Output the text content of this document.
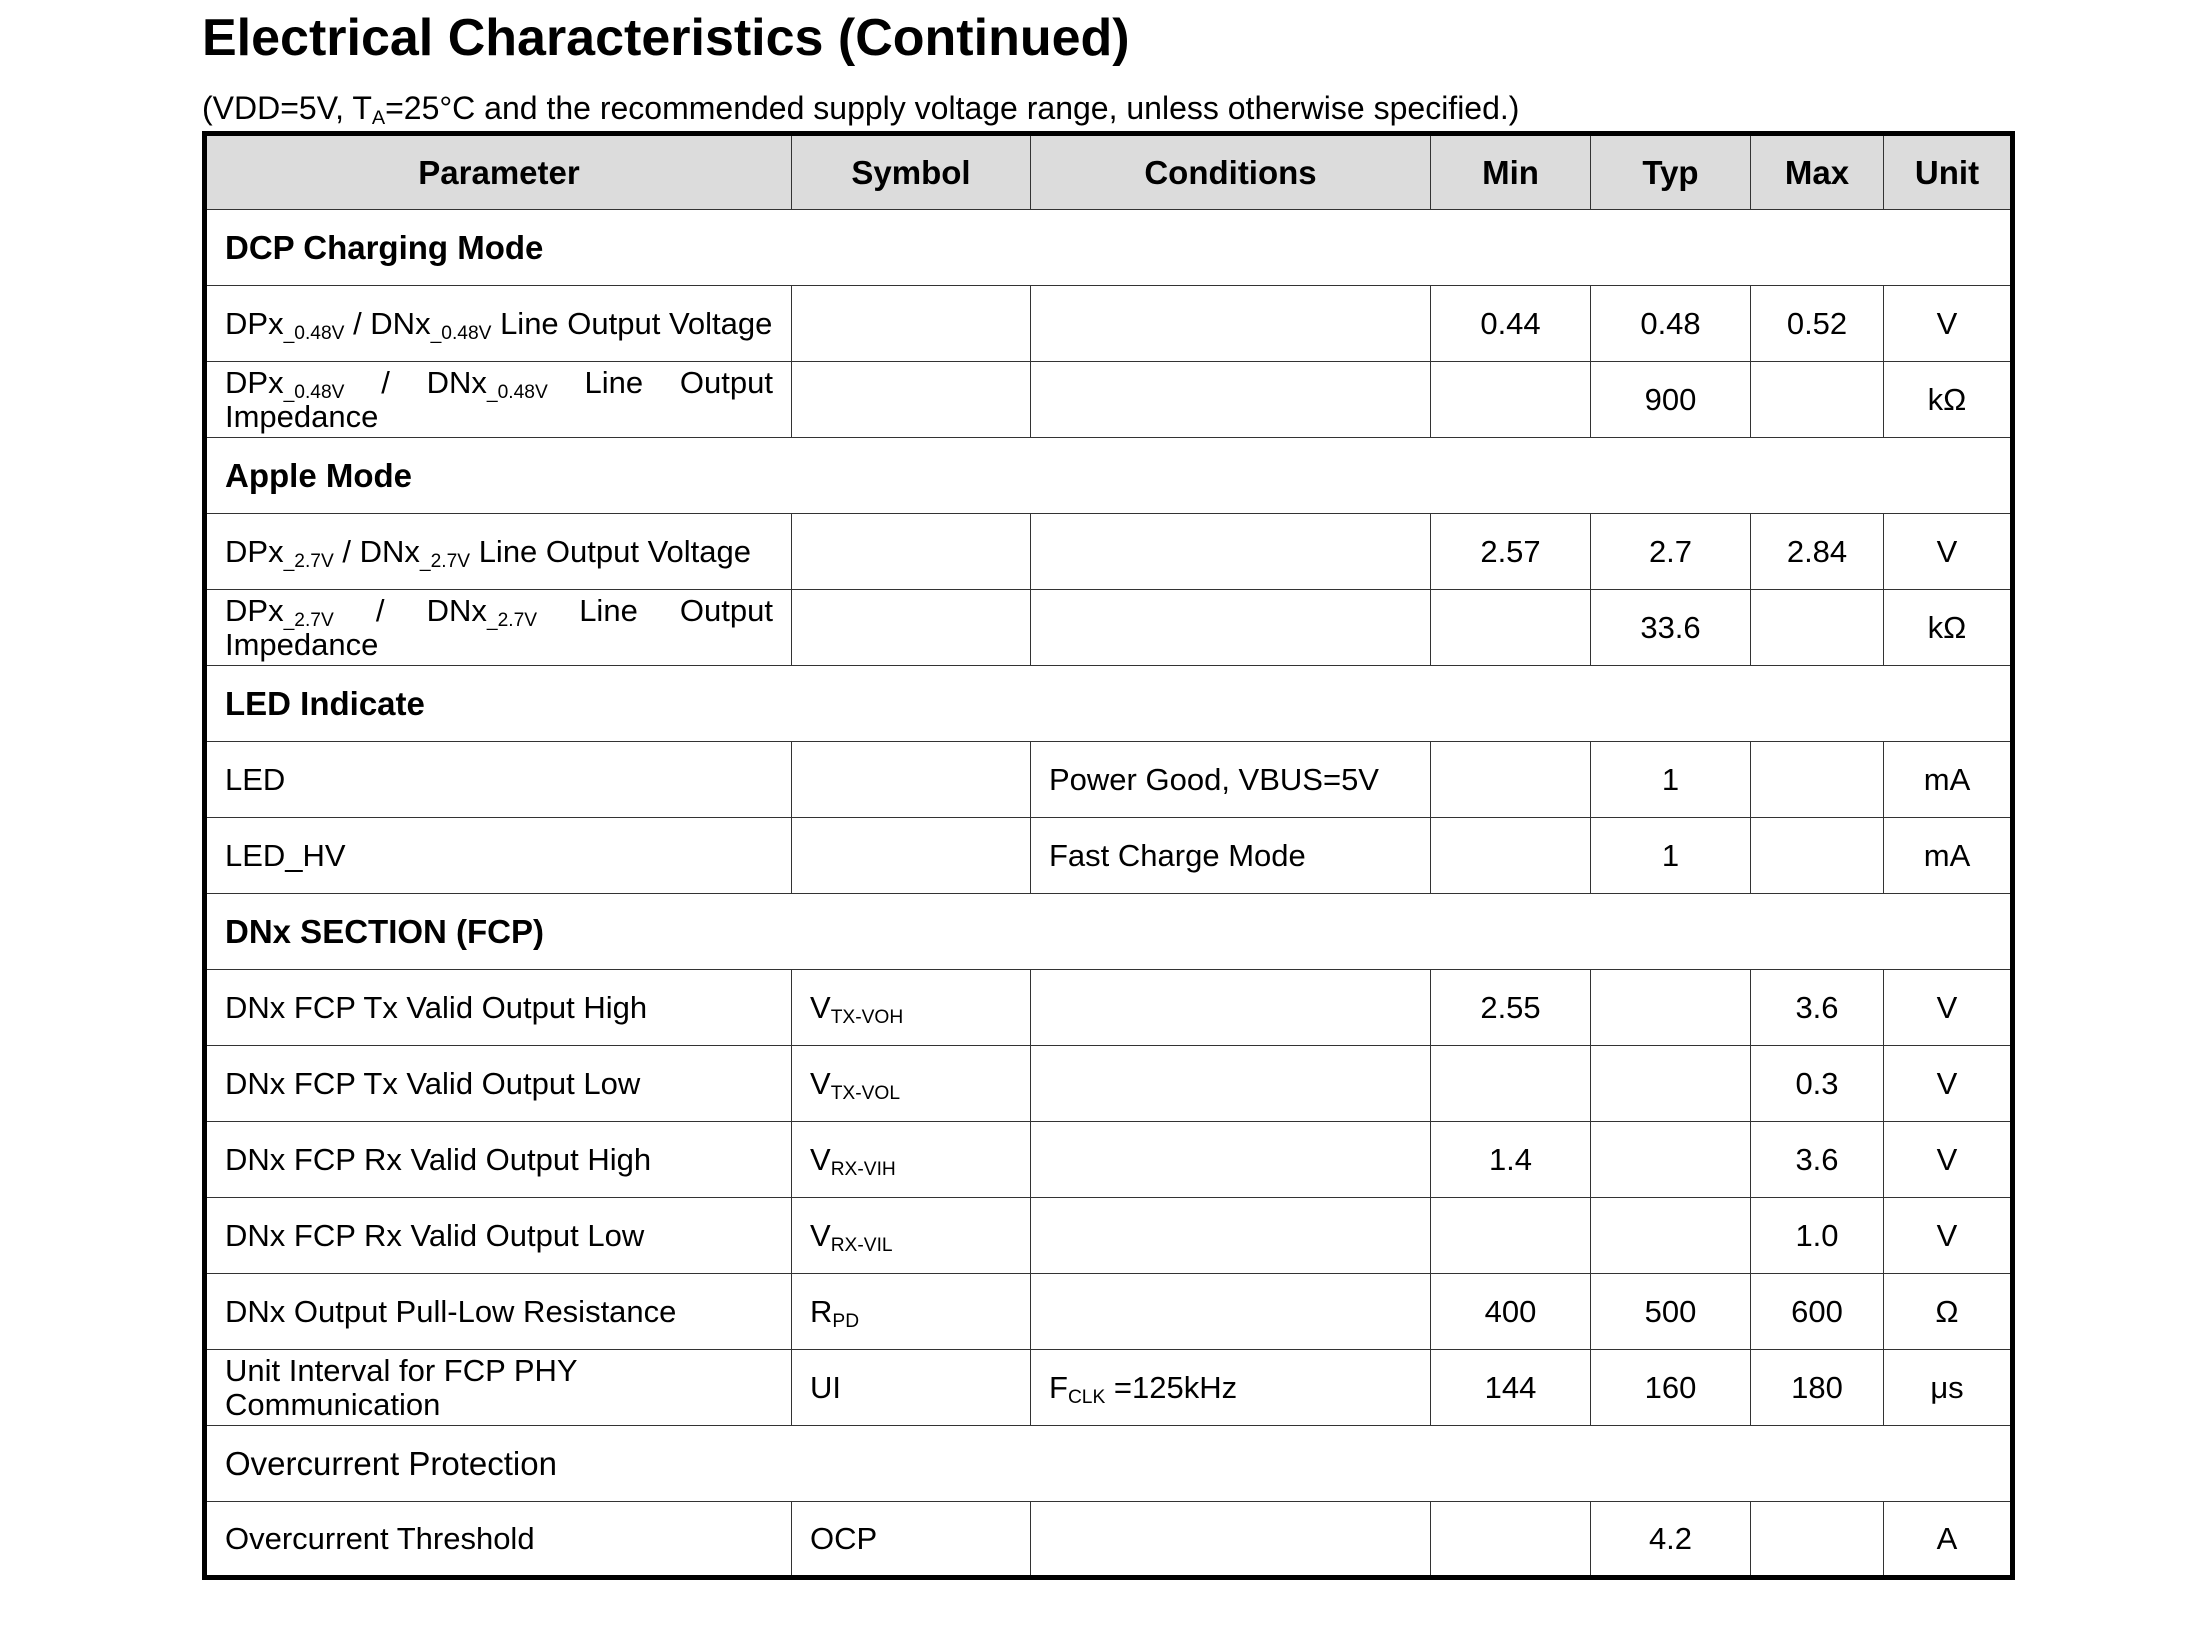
Electrical Characteristics (Continued)
(VDD=5V, $T_A=25^\circ C$ and the recommended supply voltage range, unless otherwise specified.)
Parameter	Symbol	Conditions	Min	Typ	Max	Unit
DCP Charging Mode						
DPx$_{\_0.48V}$ / DNx$_{\_0.48V}$ Line Output Voltage			0.44	0.48	0.52	V
DPx$_{\_0.48V}$ / DNx$_{\_0.48V}$ Line Output Impedance				900		kΩ
Apple Mode						
DPx$_{\_2.7V}$ / DNx$_{\_2.7V}$ Line Output Voltage			2.57	2.7	2.84	V
DPx$_{\_2.7V}$ / DNx$_{\_2.7V}$ Line Output Impedance				33.6		kΩ
LED Indicate						
LED		Power Good, VBUS=5V		1		mA
LED_HV		Fast Charge Mode		1		mA
DNx SECTION (FCP)						
DNx FCP Tx Valid Output High	$V_{TX-VOH}$		2.55		3.6	V
DNx FCP Tx Valid Output Low	$V_{TX-VOL}$				0.3	V
DNx FCP Rx Valid Output High	$V_{RX-VIH}$		1.4		3.6	V
DNx FCP Rx Valid Output Low	$V_{RX-VIL}$				1.0	V
DNx Output Pull-Low Resistance	$R_{PD}$		400	500	600	Ω
Unit Interval for FCP PHY Communication	UI	$F_{CLK} =125kHz$	144	160	180	μs
Overcurrent Protection						
Overcurrent Threshold	OCP			4.2		A
